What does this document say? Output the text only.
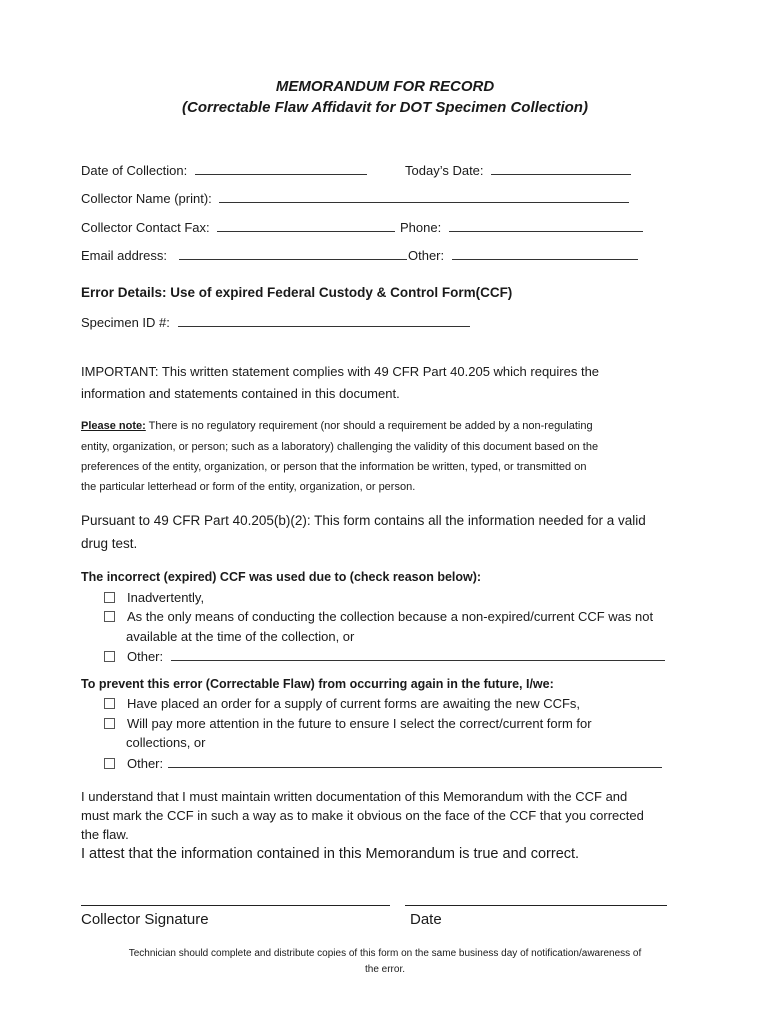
MEMORANDUM FOR RECORD
(Correctable Flaw Affidavit for DOT Specimen Collection)
Date of Collection:	Today’s Date:
Collector Name (print):
Collector Contact Fax:	Phone:
Email address:	Other:
Error Details: Use of expired Federal Custody & Control Form(CCF)
Specimen ID #:
IMPORTANT: This written statement complies with 49 CFR Part 40.205 which requires the
information and statements contained in this document.
Please note: There is no regulatory requirement (nor should a requirement be added by a non-regulating
entity, organization, or person; such as a laboratory) challenging the validity of this document based on the
preferences of the entity, organization, or person that the information be written, typed, or transmitted on
the particular letterhead or form of the entity, organization, or person.
Pursuant to 49 CFR Part 40.205(b)(2): This form contains all the information needed for a valid
drug test.
The incorrect (expired) CCF was used due to (check reason below):
Inadvertently,
As the only means of conducting the collection because a non-expired/current CCF was not
available at the time of the collection, or
Other:
To prevent this error (Correctable Flaw) from occurring again in the future, I/we:
Have placed an order for a supply of current forms are awaiting the new CCFs,
Will pay more attention in the future to ensure I select the correct/current form for
collections, or
Other:
I understand that I must maintain written documentation of this Memorandum with the CCF and
must mark the CCF in such a way as to make it obvious on the face of the CCF that you corrected
the flaw.
I attest that the information contained in this Memorandum is true and correct.
Collector Signature	Date
Technician should complete and distribute copies of this form on the same business day of notification/awareness of
the error.
